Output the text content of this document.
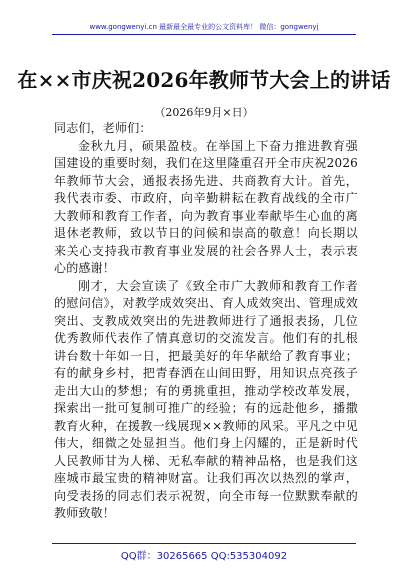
www.gongwenyi.cn 最新最全最专业的公文资料库！ 微信：gongwenyj
在××市庆祝2026年教师节大会上的讲话
（2026年9月×日）

同志们，老师们：

金秋九月，硕果盈枝。在举国上下奋力推进教育强国建设的重要时刻，我们在这里隆重召开全市庆祝2026年教师节大会，通报表扬先进、共商教育大计。首先，我代表市委、市政府，向辛勤耕耘在教育战线的全市广大教师和教育工作者，向为教育事业奉献毕生心血的离退休老教师，致以节日的问候和崇高的敬意！向长期以来关心支持我市教育事业发展的社会各界人士，表示衷心的感谢！

刚才，大会宣读了《致全市广大教师和教育工作者的慰问信》，对教学成效突出、育人成效突出、管理成效突出、支教成效突出的先进教师进行了通报表扬，几位优秀教师代表作了情真意切的交流发言。他们有的扎根讲台数十年如一日，把最美好的年华献给了教育事业；有的献身乡村，把青春洒在山间田野，用知识点亮孩子走出大山的梦想；有的勇挑重担，推动学校改革发展，探索出一批可复制可推广的经验；有的远赴他乡，播撒教育火种，在援教一线展现××教师的风采。平凡之中见伟大，细微之处显担当。他们身上闪耀的，正是新时代人民教师甘为人梯、无私奉献的精神品格，也是我们这座城市最宝贵的精神财富。让我们再次以热烈的掌声，向受表扬的同志们表示祝贺，向全市每一位默默奉献的教师致敬！

QQ群：30265665 QQ:535304092
